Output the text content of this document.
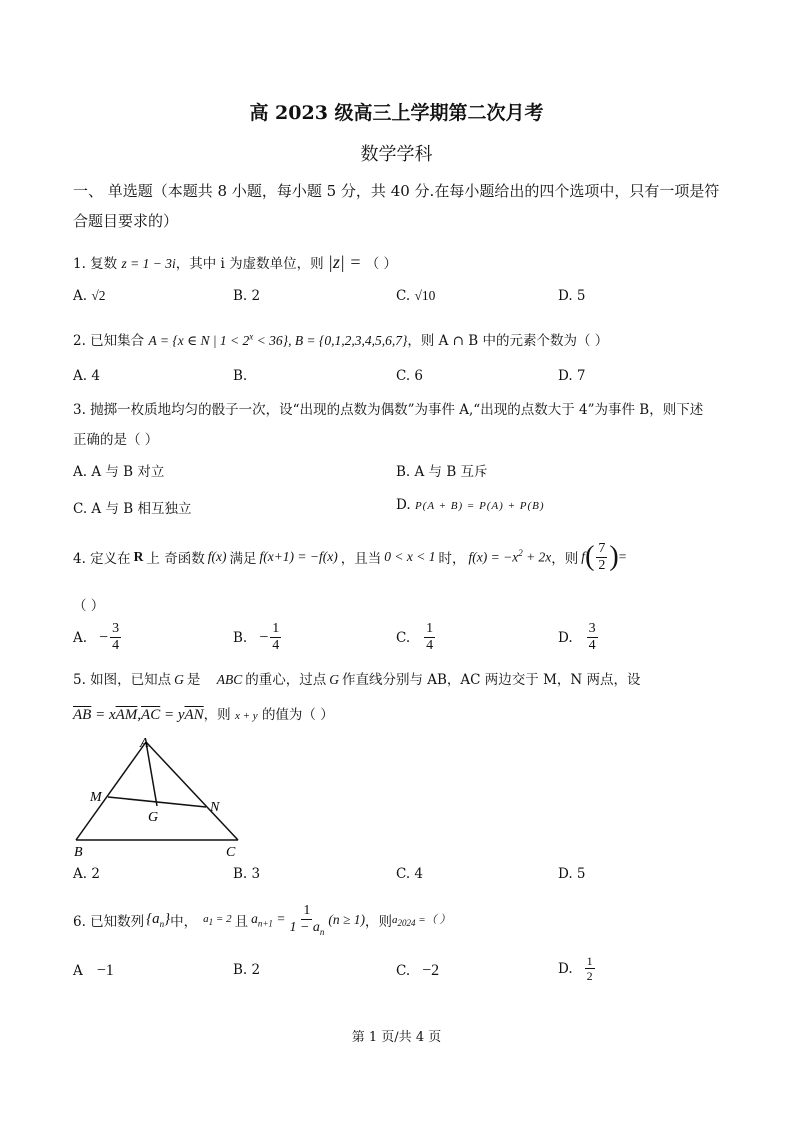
高 2023 级高三上学期第二次月考
数学学科
一、 单选题（本题共 8 小题，每小题 5 分，共 40 分.在每小题给出的四个选项中，只有一项是符合题目要求的）
1. 复数 z = 1 − 3i，其中 i 为虚数单位，则 |z| = （ ）
A. √2	B. 2	C. √10	D. 5
2. 已知集合 A = {x ∈ N | $1 < 2^x < 36$}, B = {0,1,2,3,4,5,6,7}，则 A ∩ B 中的元素个数为（ ）
A. 4	B.	C. 6	D. 7
3. 抛掷一枚质地均匀的骰子一次，设“出现的点数为偶数”为事件 A,“出现的点数大于 4”为事件 B，则下述
正确的是（ ）
A. A 与 B 对立	B. A 与 B 互斥
C. A 与 B 相互独立	D. P(A + B) = P(A) + P(B)
4. 定义在 R 上 奇函数 f(x) 满足 f(x+1) = −f(x) ，且当 0 < x < 1 时， $f(x) = -x^2 + 2x$ ，则 f ( $\frac{7}{2}$ ) =
（ ）
A. − $\frac{3}{4}$	B. − $\frac{1}{4}$	C. $\frac{1}{4}$	D. $\frac{3}{4}$
5. 如图，已知点 G 是 ABC 的重心，过点 G 作直线分别与 AB，AC 两边交于 M，N 两点，设
$\overline{AB} = x\overline{AM},\overline{AC} = y\overline{AN}$，则 x + y 的值为（ ）
A
M
G
N
B	C
A. 2	B. 3	C. 4	D. 5
6. 已知数列 $\{a_n\}$ 中， $a_1 = 2$ 且 $a_{n+1} = \frac{1}{1 - a_n} (n \ge 1)$ ，则 $a_{2024}$ =（ ）
A −1	B. 2	C. −2	D. $\frac{1}{2}$
第 1 页/共 4 页
